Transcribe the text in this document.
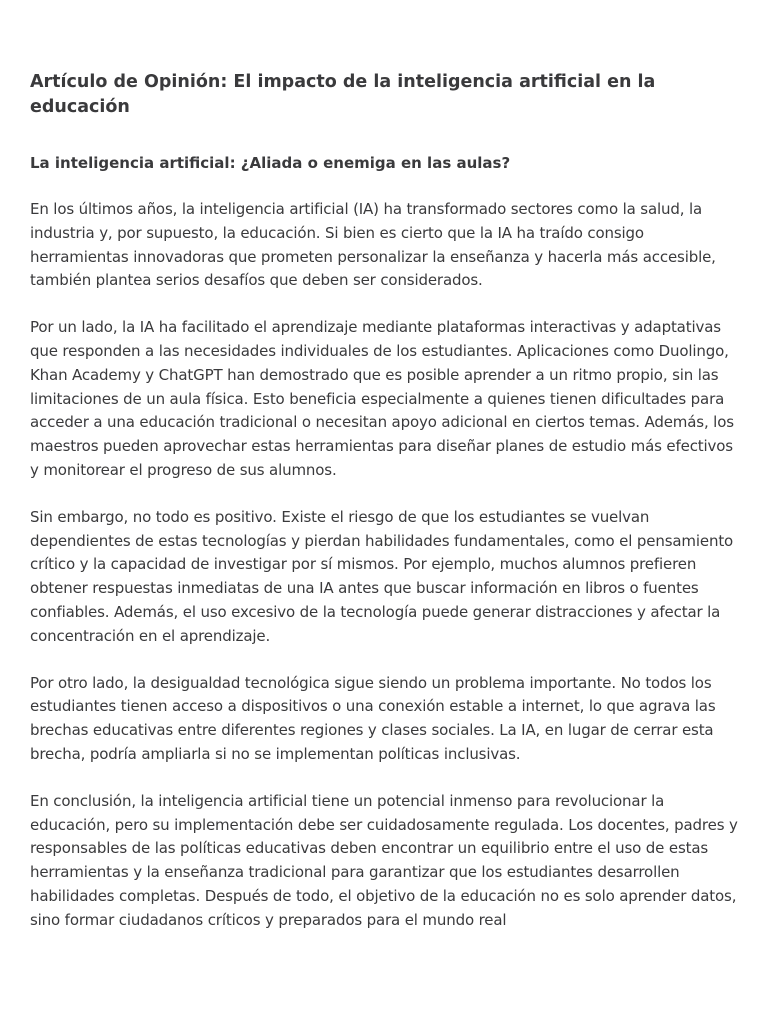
Artículo de Opinión: El impacto de la inteligencia artificial en la educación
La inteligencia artificial: ¿Aliada o enemiga en las aulas?

En los últimos años, la inteligencia artificial (IA) ha transformado sectores como la salud, la industria y, por supuesto, la educación. Si bien es cierto que la IA ha traído consigo herramientas innovadoras que prometen personalizar la enseñanza y hacerla más accesible, también plantea serios desafíos que deben ser considerados.

Por un lado, la IA ha facilitado el aprendizaje mediante plataformas interactivas y adaptativas que responden a las necesidades individuales de los estudiantes. Aplicaciones como Duolingo, Khan Academy y ChatGPT han demostrado que es posible aprender a un ritmo propio, sin las limitaciones de un aula física. Esto beneficia especialmente a quienes tienen dificultades para acceder a una educación tradicional o necesitan apoyo adicional en ciertos temas. Además, los maestros pueden aprovechar estas herramientas para diseñar planes de estudio más efectivos y monitorear el progreso de sus alumnos.

Sin embargo, no todo es positivo. Existe el riesgo de que los estudiantes se vuelvan dependientes de estas tecnologías y pierdan habilidades fundamentales, como el pensamiento crítico y la capacidad de investigar por sí mismos. Por ejemplo, muchos alumnos prefieren obtener respuestas inmediatas de una IA antes que buscar información en libros o fuentes confiables. Además, el uso excesivo de la tecnología puede generar distracciones y afectar la concentración en el aprendizaje.

Por otro lado, la desigualdad tecnológica sigue siendo un problema importante. No todos los estudiantes tienen acceso a dispositivos o una conexión estable a internet, lo que agrava las brechas educativas entre diferentes regiones y clases sociales. La IA, en lugar de cerrar esta brecha, podría ampliarla si no se implementan políticas inclusivas.

En conclusión, la inteligencia artificial tiene un potencial inmenso para revolucionar la educación, pero su implementación debe ser cuidadosamente regulada. Los docentes, padres y responsables de las políticas educativas deben encontrar un equilibrio entre el uso de estas herramientas y la enseñanza tradicional para garantizar que los estudiantes desarrollen habilidades completas. Después de todo, el objetivo de la educación no es solo aprender datos, sino formar ciudadanos críticos y preparados para el mundo real
